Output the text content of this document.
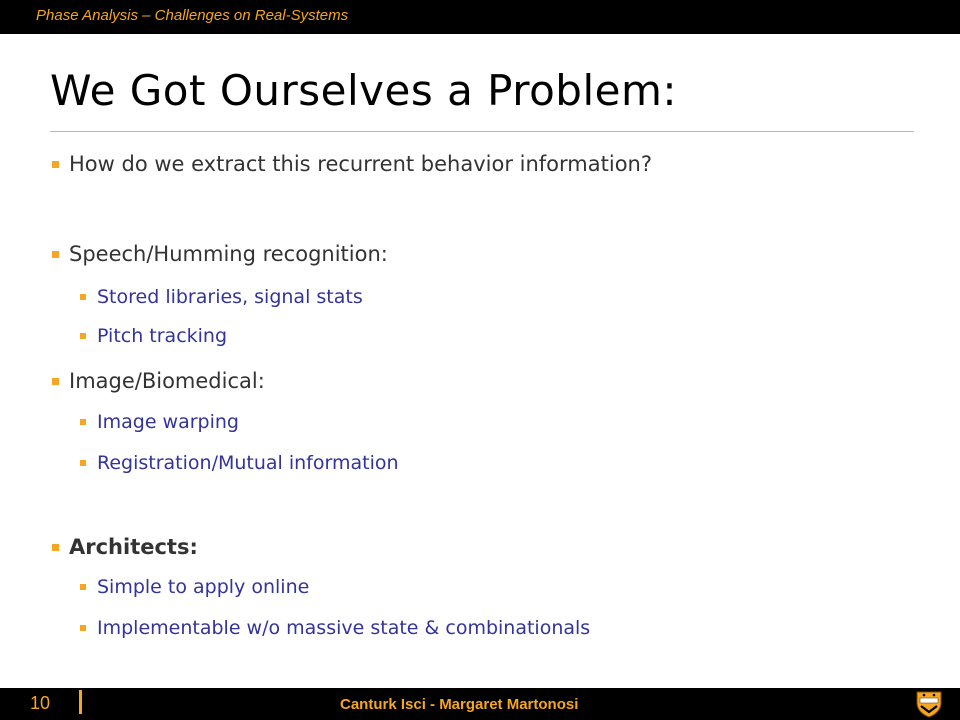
Phase Analysis – Challenges on Real-Systems
We Got Ourselves a Problem:
How do we extract this recurrent behavior information?
Speech/Humming recognition:
Stored libraries, signal stats
Pitch tracking
Image/Biomedical:
Image warping
Registration/Mutual information
Architects:
Simple to apply online
Implementable w/o massive state & combinationals
10	Canturk Isci - Margaret Martonosi
